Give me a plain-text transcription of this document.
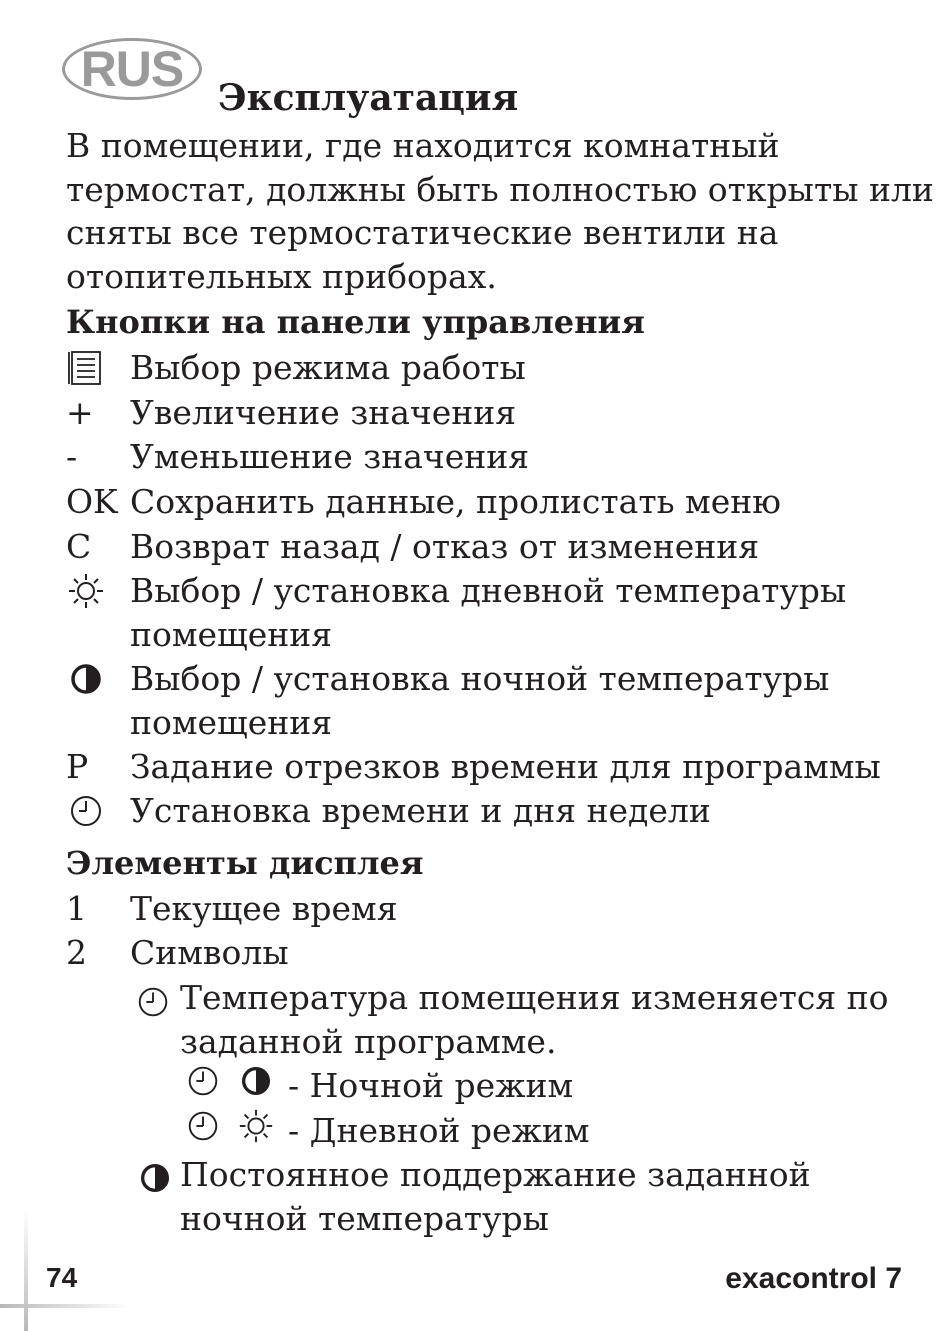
RUS
Эксплуатация
В помещении, где находится комнатный
термостат, должны быть полностью открыты или
сняты все термостатические вентили на
отопительных приборах.
Кнопки на панели управления
Выбор режима работы
+	Увеличение значения
-	Уменьшение значения
OK Сохранить данные, пролистать меню
C	Возврат назад / отказ от изменения
Выбор / установка дневной температуры
помещения
Выбор / установка ночной температуры
помещения
P	Задание отрезков времени для программы
Установка времени и дня недели
Элементы дисплея
1	Текущее время
2	Символы
Температура помещения изменяется по
заданной программе.

- Ночной режим

- Дневной режим
Постоянное поддержание заданной
ночной температуры
74	exacontrol 7
